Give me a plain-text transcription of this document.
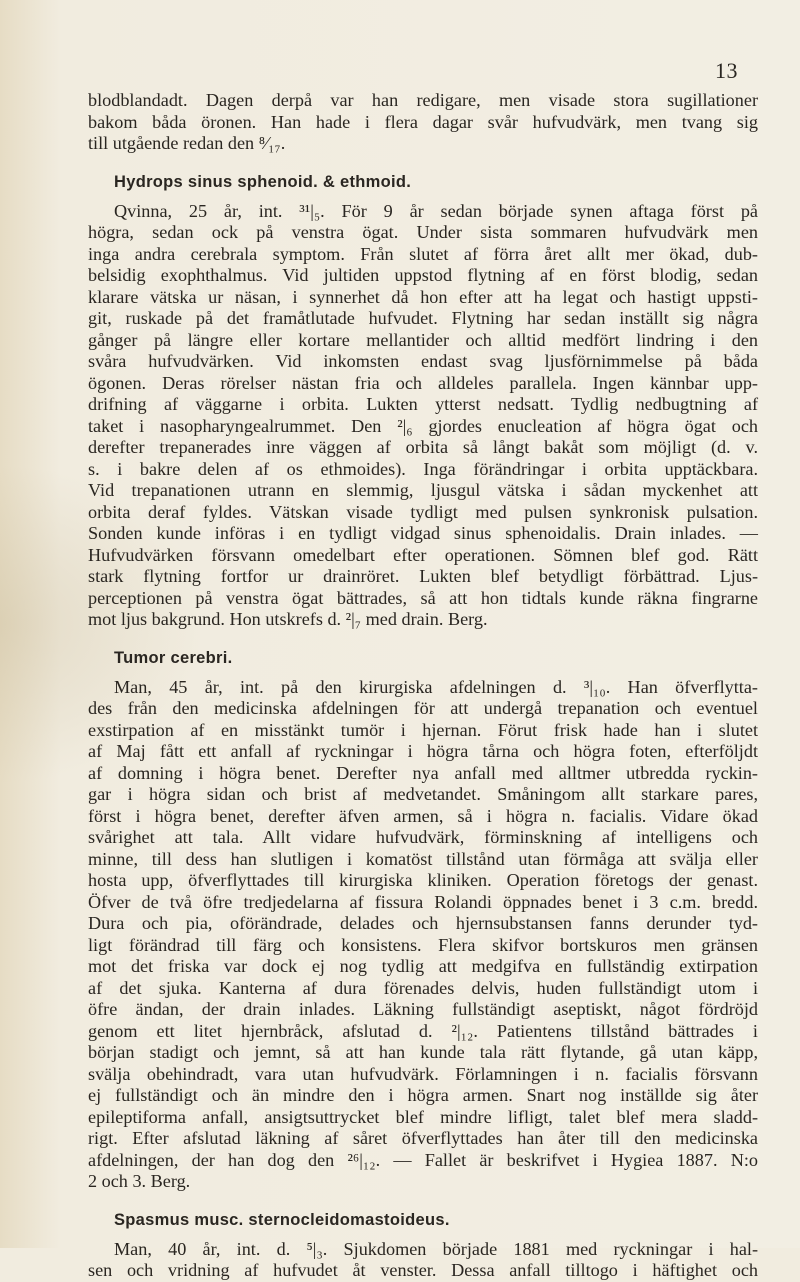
13
blodblandadt. Dagen derpå var han redigare, men visade stora sugillationer
bakom båda öronen. Han hade i flera dagar svår hufvudvärk, men tvang sig
till utgående redan den ⁸⁄₁₇.
Hydrops sinus sphenoid. & ethmoid.
Qvinna, 25 år, int. ³¹|₅. För 9 år sedan började synen aftaga först på
högra, sedan ock på venstra ögat. Under sista sommaren hufvudvärk men
inga andra cerebrala symptom. Från slutet af förra året allt mer ökad, dub-
belsidig exophthalmus. Vid jultiden uppstod flytning af en först blodig, sedan
klarare vätska ur näsan, i synnerhet då hon efter att ha legat och hastigt uppsti-
git, ruskade på det framåtlutade hufvudet. Flytning har sedan inställt sig några
gånger på längre eller kortare mellantider och alltid medfört lindring i den
svåra hufvudvärken. Vid inkomsten endast svag ljusförnimmelse på båda
ögonen. Deras rörelser nästan fria och alldeles parallela. Ingen kännbar upp-
drifning af väggarne i orbita. Lukten ytterst nedsatt. Tydlig nedbugtning af
taket i nasopharyngealrummet. Den ²|₆ gjordes enucleation af högra ögat och
derefter trepanerades inre väggen af orbita så långt bakåt som möjligt (d. v.
s. i bakre delen af os ethmoides). Inga förändringar i orbita upptäckbara.
Vid trepanationen utrann en slemmig, ljusgul vätska i sådan myckenhet att
orbita deraf fyldes. Vätskan visade tydligt med pulsen synkronisk pulsation.
Sonden kunde införas i en tydligt vidgad sinus sphenoidalis. Drain inlades. —
Hufvudvärken försvann omedelbart efter operationen. Sömnen blef god. Rätt
stark flytning fortfor ur drainröret. Lukten blef betydligt förbättrad. Ljus-
perceptionen på venstra ögat bättrades, så att hon tidtals kunde räkna fingrarne
mot ljus bakgrund. Hon utskrefs d. ²|₇ med drain. Berg.
Tumor cerebri.
Man, 45 år, int. på den kirurgiska afdelningen d. ³|₁₀. Han öfverflytta-
des från den medicinska afdelningen för att undergå trepanation och eventuel
exstirpation af en misstänkt tumör i hjernan. Förut frisk hade han i slutet
af Maj fått ett anfall af ryckningar i högra tårna och högra foten, efterföljdt
af domning i högra benet. Derefter nya anfall med alltmer utbredda ryckin-
gar i högra sidan och brist af medvetandet. Småningom allt starkare pares,
först i högra benet, derefter äfven armen, så i högra n. facialis. Vidare ökad
svårighet att tala. Allt vidare hufvudvärk, förminskning af intelligens och
minne, till dess han slutligen i komatöst tillstånd utan förmåga att svälja eller
hosta upp, öfverflyttades till kirurgiska kliniken. Operation företogs der genast.
Öfver de två öfre tredjedelarna af fissura Rolandi öppnades benet i 3 c.m. bredd.
Dura och pia, oförändrade, delades och hjernsubstansen fanns derunder tyd-
ligt förändrad till färg och konsistens. Flera skifvor bortskuros men gränsen
mot det friska var dock ej nog tydlig att medgifva en fullständig extirpation
af det sjuka. Kanterna af dura förenades delvis, huden fullständigt utom i
öfre ändan, der drain inlades. Läkning fullständigt aseptiskt, något fördröjd
genom ett litet hjernbråck, afslutad d. ²|₁₂. Patientens tillstånd bättrades i
början stadigt och jemnt, så att han kunde tala rätt flytande, gå utan käpp,
svälja obehindradt, vara utan hufvudvärk. Förlamningen i n. facialis försvann
ej fullständigt och än mindre den i högra armen. Snart nog inställde sig åter
epileptiforma anfall, ansigtsuttrycket blef mindre lifligt, talet blef mera sladd-
rigt. Efter afslutad läkning af såret öfverflyttades han åter till den medicinska
afdelningen, der han dog den ²⁶|₁₂. — Fallet är beskrifvet i Hygiea 1887. N:o
2 och 3. Berg.
Spasmus musc. sternocleidomastoideus.
Man, 40 år, int. d. ⁵|₃. Sjukdomen började 1881 med ryckningar i hal-
sen och vridning af hufvudet åt venster. Dessa anfall tilltogo i häftighet och
